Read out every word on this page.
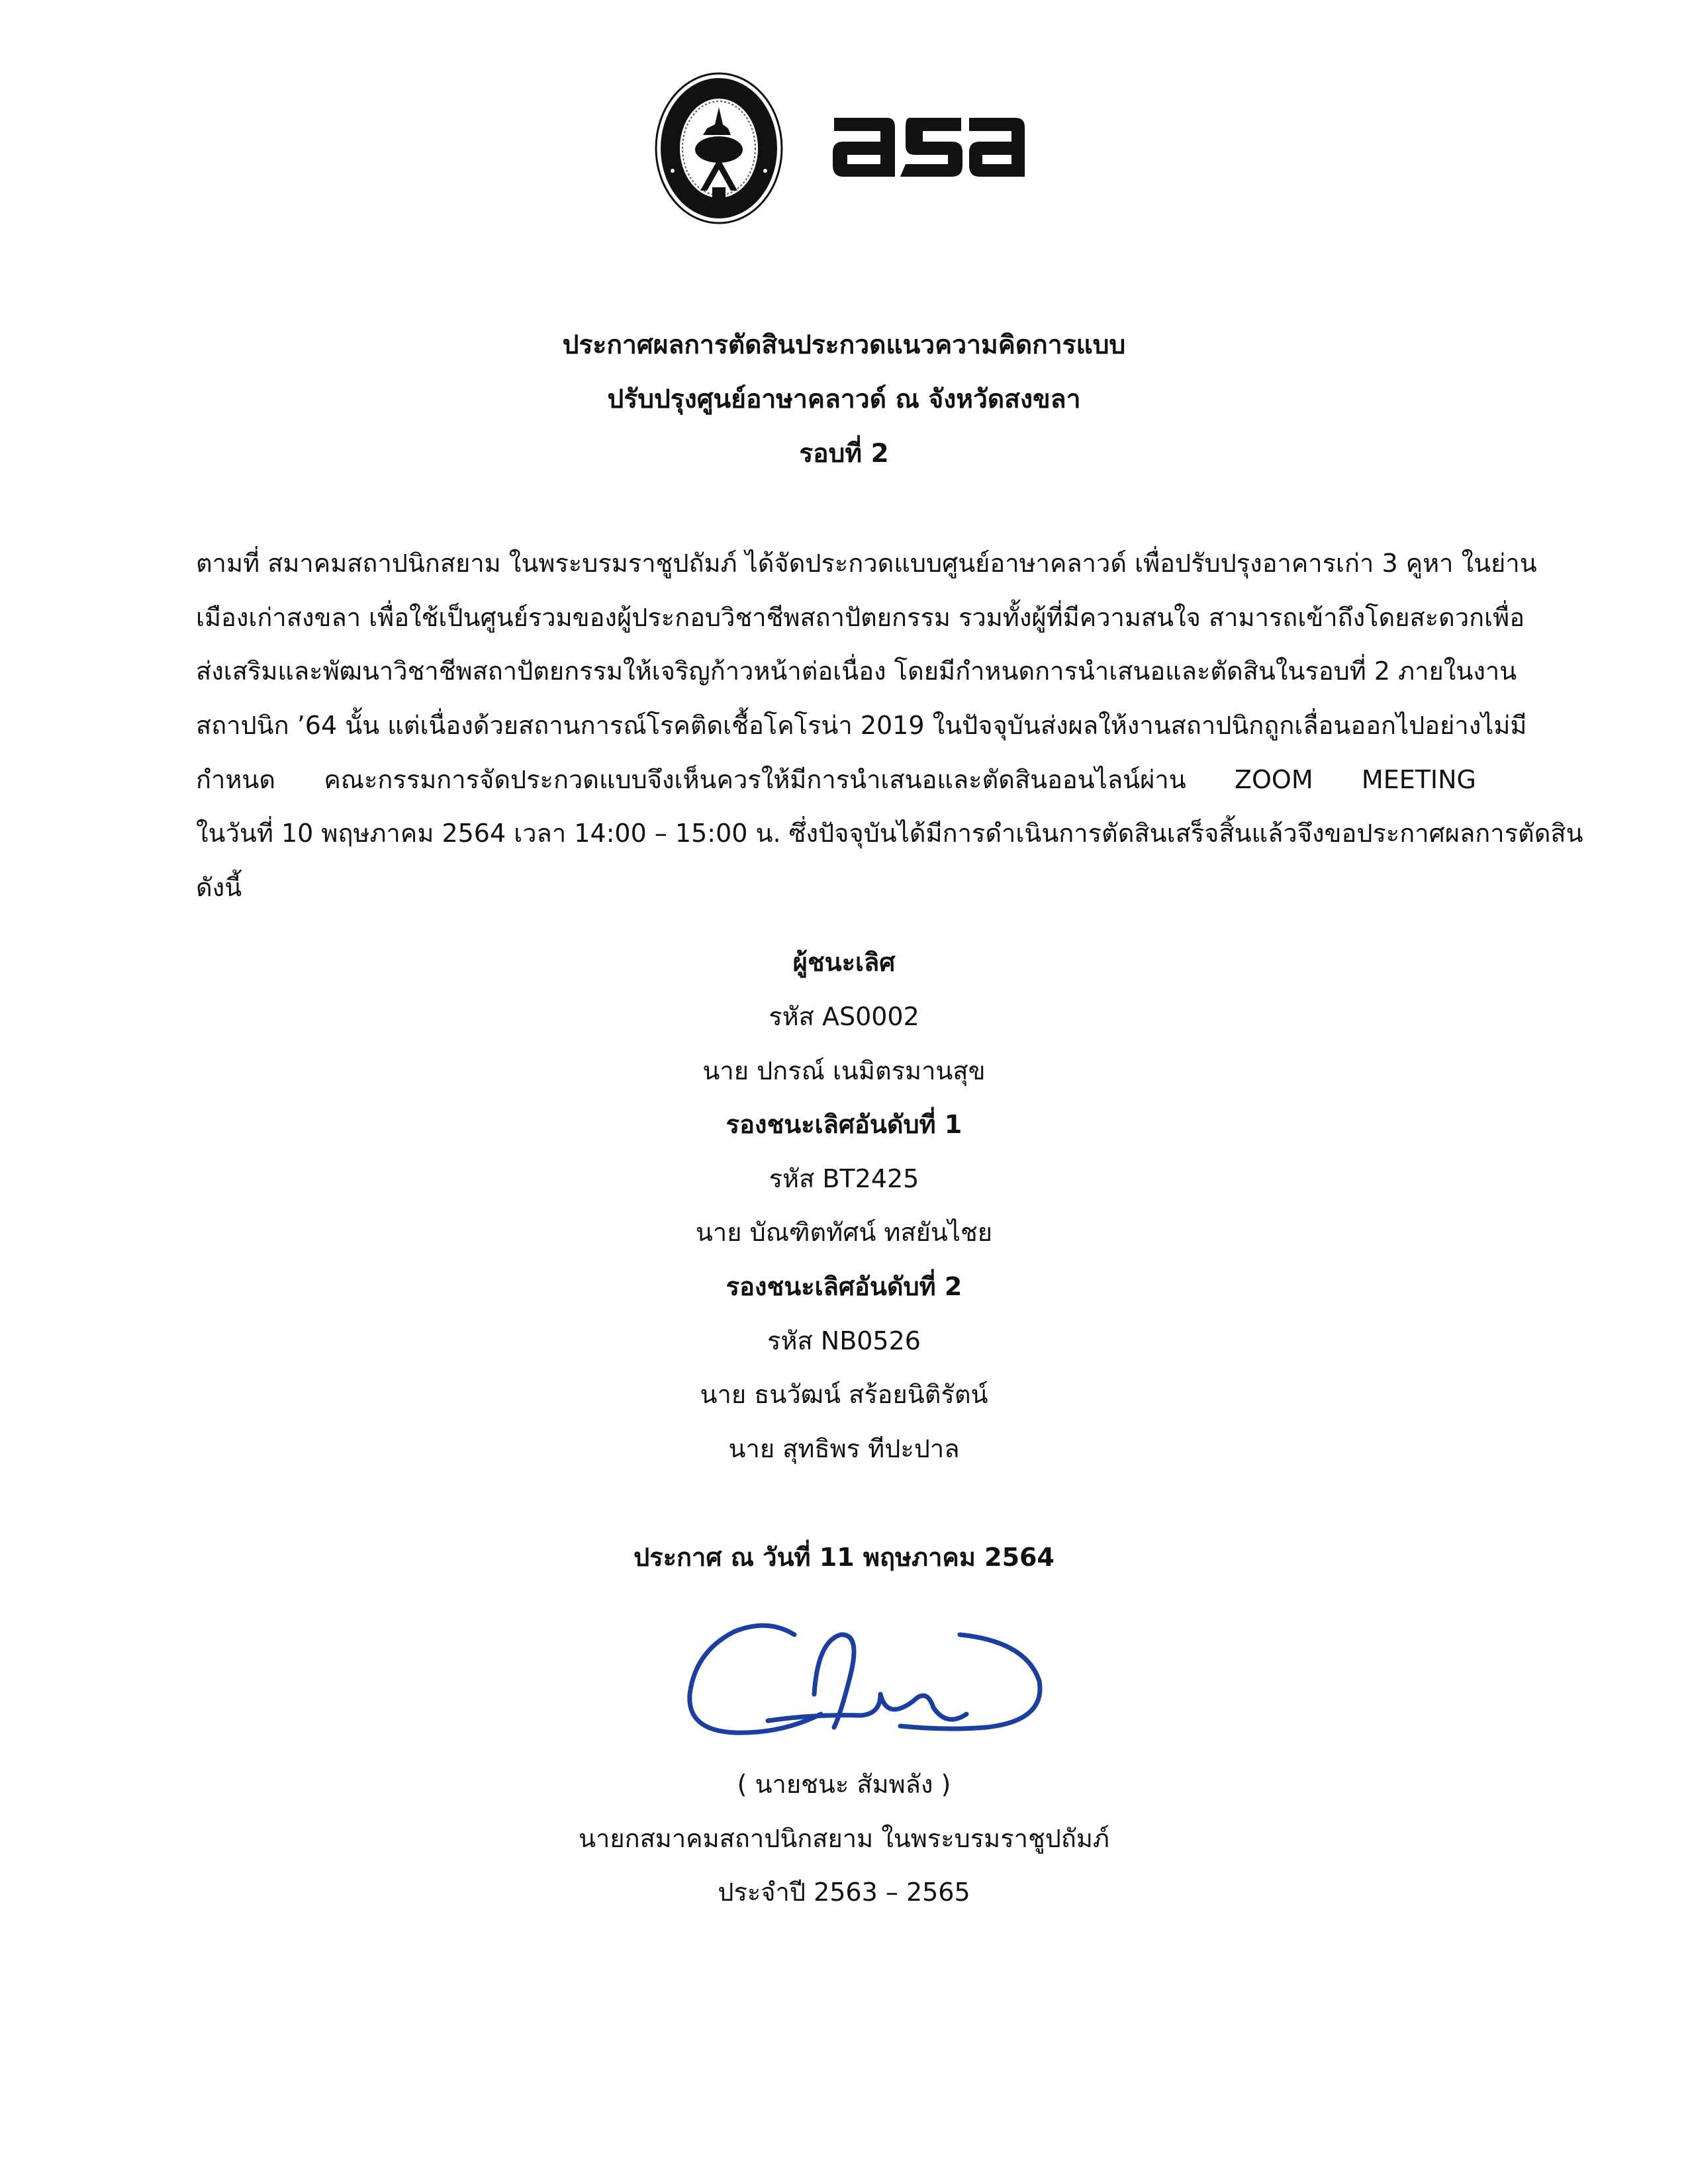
ประกาศผลการตัดสินประกวดแนวความคิดการแบบ
ปรับปรุงศูนย์อาษาคลาวด์ ณ จังหวัดสงขลา
รอบที่ 2
ตามที่ สมาคมสถาปนิกสยาม ในพระบรมราชูปถัมภ์ ได้จัดประกวดแบบศูนย์อาษาคลาวด์ เพื่อปรับปรุงอาคารเก่า 3 คูหา ในย่าน
เมืองเก่าสงขลา เพื่อใช้เป็นศูนย์รวมของผู้ประกอบวิชาชีพสถาปัตยกรรม รวมทั้งผู้ที่มีความสนใจ สามารถเข้าถึงโดยสะดวกเพื่อ
ส่งเสริมและพัฒนาวิชาชีพสถาปัตยกรรมให้เจริญก้าวหน้าต่อเนื่อง โดยมีกำหนดการนำเสนอและตัดสินในรอบที่ 2 ภายในงาน
สถาปนิก ’64 นั้น แต่เนื่องด้วยสถานการณ์โรคติดเชื้อโคโรน่า 2019 ในปัจจุบันส่งผลให้งานสถาปนิกถูกเลื่อนออกไปอย่างไม่มี
กำหนด คณะกรรมการจัดประกวดแบบจึงเห็นควรให้มีการนำเสนอและตัดสินออนไลน์ผ่าน ZOOM MEETING
ในวันที่ 10 พฤษภาคม 2564 เวลา 14:00 – 15:00 น. ซึ่งปัจจุบันได้มีการดำเนินการตัดสินเสร็จสิ้นแล้วจึงขอประกาศผลการตัดสิน
ดังนี้
ผู้ชนะเลิศ
รหัส AS0002
นาย ปกรณ์ เนมิตรมานสุข
รองชนะเลิศอันดับที่ 1
รหัส BT2425
นาย บัณฑิตทัศน์ ทสยันไชย
รองชนะเลิศอันดับที่ 2
รหัส NB0526
นาย ธนวัฒน์ สร้อยนิติรัตน์
นาย สุทธิพร ทีปะปาล
ประกาศ ณ วันที่ 11 พฤษภาคม 2564
( นายชนะ สัมพลัง )
นายกสมาคมสถาปนิกสยาม ในพระบรมราชูปถัมภ์
ประจำปี 2563 – 2565
